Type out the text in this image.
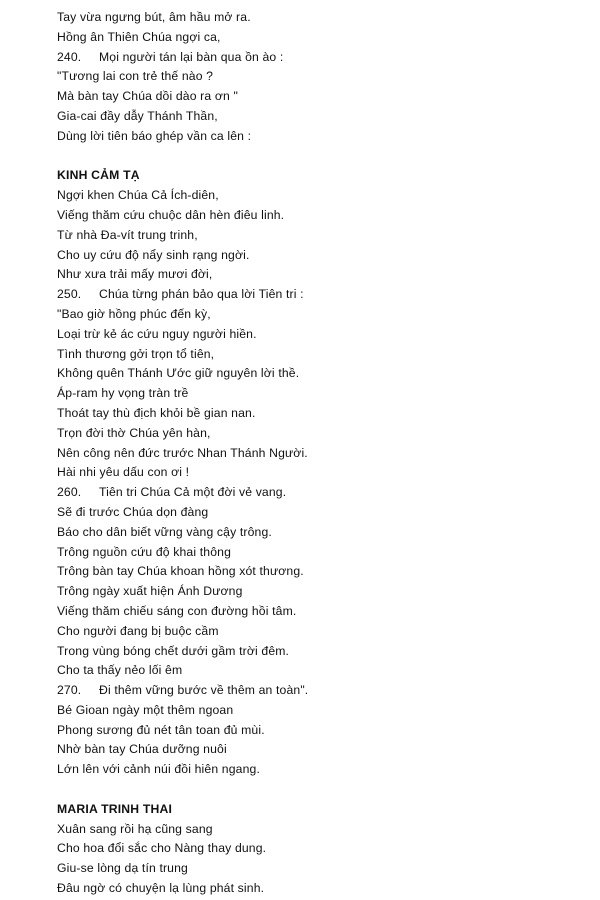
Tay vừa ngưng bút, âm hầu mở ra.
Hồng ân Thiên Chúa ngợi ca,
240. Mọi người tán lại bàn qua ồn ào :
"Tương lai con trẻ thế nào ?
Mà bàn tay Chúa dồi dào ra ơn "
Gia-cai đầy dẫy Thánh Thần,
Dùng lời tiên báo ghép vần ca lên :
KINH CẢM TẠ
Ngợi khen Chúa Cả Ích-diên,
Viếng thăm cứu chuộc dân hèn điêu linh.
Từ nhà Đa-vít trung trinh,
Cho uy cứu độ nẩy sinh rạng ngời.
Như xưa trải mấy mươi đời,
250. Chúa từng phán bảo qua lời Tiên tri :
"Bao giờ hồng phúc đến kỳ,
Loại trừ kẻ ác cứu nguy người hiền.
Tình thương gởi trọn tổ tiên,
Không quên Thánh Ước giữ nguyên lời thề.
Áp-ram hy vọng tràn trề
Thoát tay thù địch khỏi bề gian nan.
Trọn đời thờ Chúa yên hàn,
Nên công nên đức trước Nhan Thánh Người.
Hài nhi yêu dấu con ơi !
260. Tiên tri Chúa Cả một đời vẻ vang.
Sẽ đi trước Chúa dọn đàng
Báo cho dân biết vững vàng cậy trông.
Trông nguồn cứu độ khai thông
Trông bàn tay Chúa khoan hồng xót thương.
Trông ngày xuất hiện Ánh Dương
Viếng thăm chiếu sáng con đường hồi tâm.
Cho người đang bị buộc cầm
Trong vùng bóng chết dưới gầm trời đêm.
Cho ta thấy nẻo lối êm
270. Đi thêm vững bước về thêm an toàn".
Bé Gioan ngày một thêm ngoan
Phong sương đủ nét tân toan đủ mùi.
Nhờ bàn tay Chúa dưỡng nuôi
Lớn lên với cảnh núi đồi hiên ngang.
MARIA TRINH THAI
Xuân sang rồi hạ cũng sang
Cho hoa đổi sắc cho Nàng thay dung.
Giu-se lòng dạ tín trung
Đâu ngờ có chuyện lạ lùng phát sinh.
